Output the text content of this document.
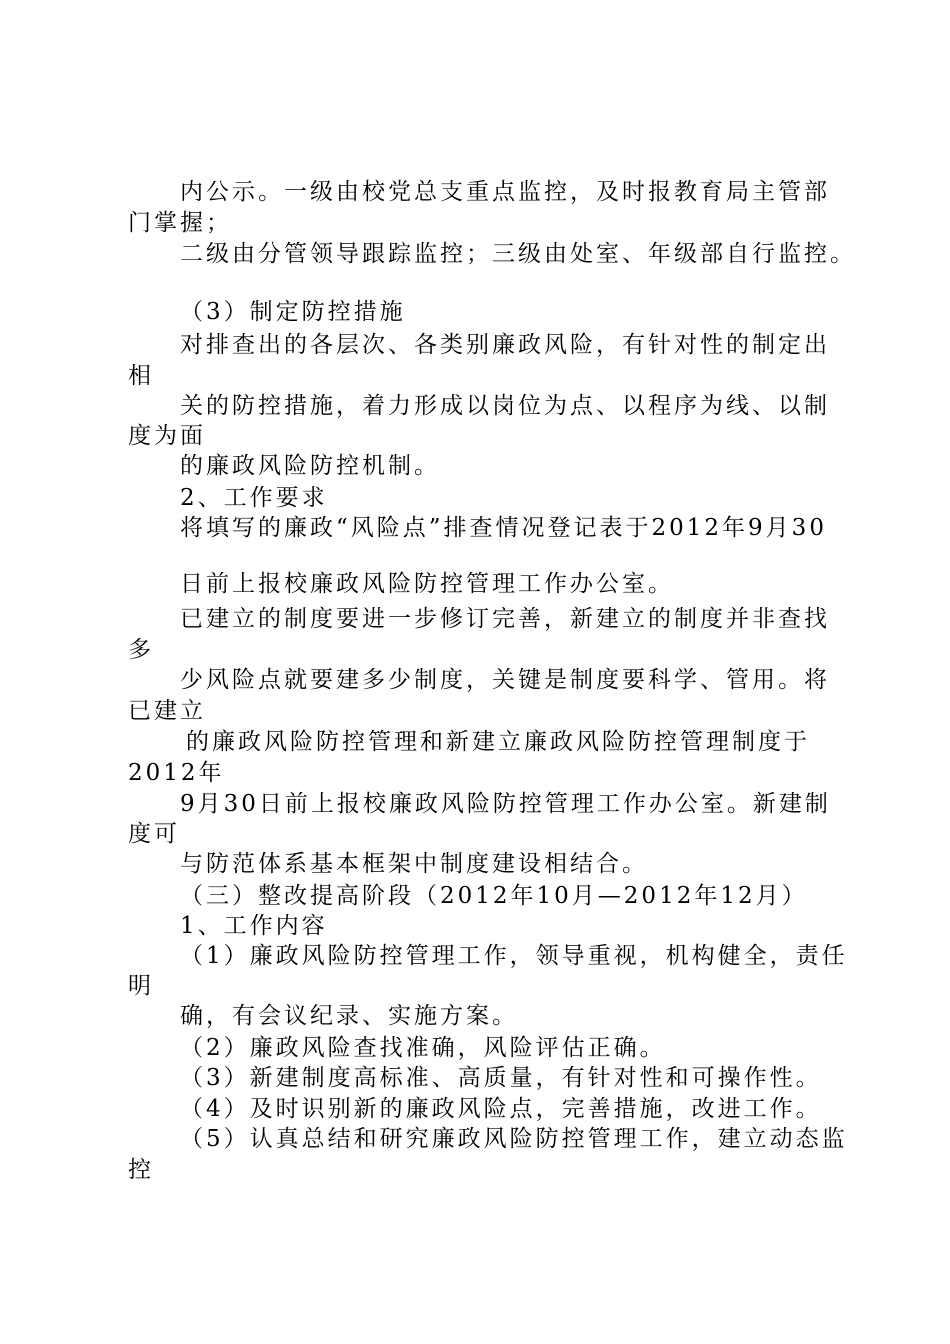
内公示。一级由校党总支重点监控，及时报教育局主管部
门掌握；
二级由分管领导跟踪监控；三级由处室、年级部自行监控。
（3）制定防控措施
对排查出的各层次、各类别廉政风险，有针对性的制定出
相
关的防控措施，着力形成以岗位为点、以程序为线、以制
度为面
的廉政风险防控机制。
2、工作要求
将填写的廉政“风险点”排查情况登记表于2012年9月30
日前上报校廉政风险防控管理工作办公室。
已建立的制度要进一步修订完善，新建立的制度并非查找
多
少风险点就要建多少制度，关键是制度要科学、管用。将
已建立
的廉政风险防控管理和新建立廉政风险防控管理制度于
2012年
9月30日前上报校廉政风险防控管理工作办公室。新建制
度可
与防范体系基本框架中制度建设相结合。
（三）整改提高阶段（2012年10月—2012年12月）
1、工作内容
（1）廉政风险防控管理工作，领导重视，机构健全，责任
明
确，有会议纪录、实施方案。
（2）廉政风险查找准确，风险评估正确。
（3）新建制度高标准、高质量，有针对性和可操作性。
（4）及时识别新的廉政风险点，完善措施，改进工作。
（5）认真总结和研究廉政风险防控管理工作，建立动态监
控
